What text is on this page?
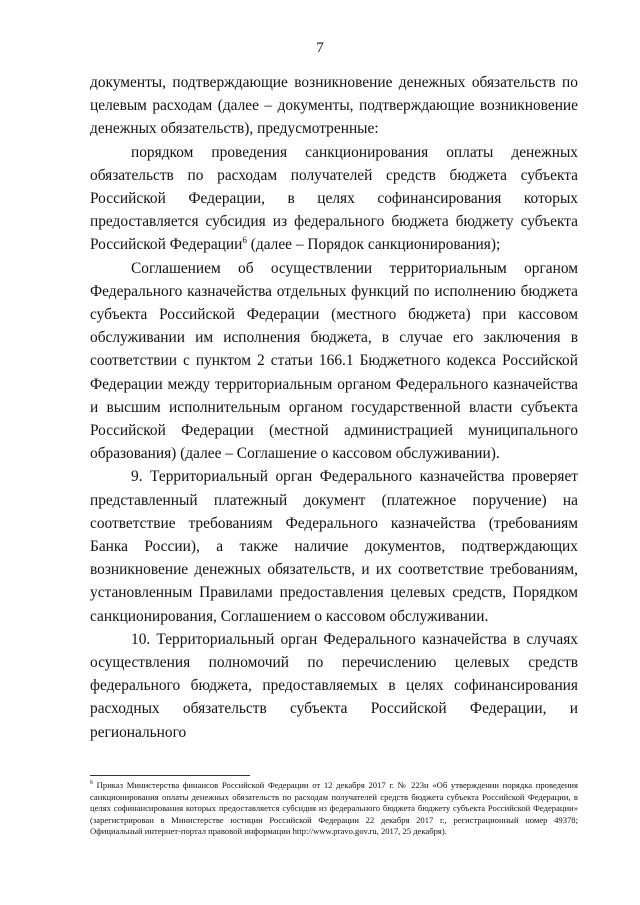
7

документы, подтверждающие возникновение денежных обязательств по целевым расходам (далее – документы, подтверждающие возникновение денежных обязательств), предусмотренные:

порядком проведения санкционирования оплаты денежных обязательств по расходам получателей средств бюджета субъекта Российской Федерации, в целях софинансирования которых предоставляется субсидия из федерального бюджета бюджету субъекта Российской Федерации$^6$ (далее – Порядок санкционирования);

Соглашением об осуществлении территориальным органом Федерального казначейства отдельных функций по исполнению бюджета субъекта Российской Федерации (местного бюджета) при кассовом обслуживании им исполнения бюджета, в случае его заключения в соответствии с пунктом 2 статьи 166.1 Бюджетного кодекса Российской Федерации между территориальным органом Федерального казначейства и высшим исполнительным органом государственной власти субъекта Российской Федерации (местной администрацией муниципального образования) (далее – Соглашение о кассовом обслуживании).

9. Территориальный орган Федерального казначейства проверяет представленный платежный документ (платежное поручение) на соответствие требованиям Федерального казначейства (требованиям Банка России), а также наличие документов, подтверждающих возникновение денежных обязательств, и их соответствие требованиям, установленным Правилами предоставления целевых средств, Порядком санкционирования, Соглашением о кассовом обслуживании.

10. Территориальный орган Федерального казначейства в случаях осуществления полномочий по перечислению целевых средств федерального бюджета, предоставляемых в целях софинансирования расходных обязательств субъекта Российской Федерации, и регионального

$^6$ Приказ Министерства финансов Российской Федерации от 12 декабря 2017 г. № 223н «Об утверждении порядка проведения санкционирования оплаты денежных обязательств по расходам получателей средств бюджета субъекта Российской Федерации, в целях софинансирования которых предоставляется субсидия из федерального бюджета бюджету субъекта Российской Федерации» (зарегистрирован в Министерстве юстиции Российской Федерации 22 декабря 2017 г., регистрационный номер 49378; Официальный интернет-портал правовой информации http://www.pravo.gov.ru, 2017, 25 декабря).
